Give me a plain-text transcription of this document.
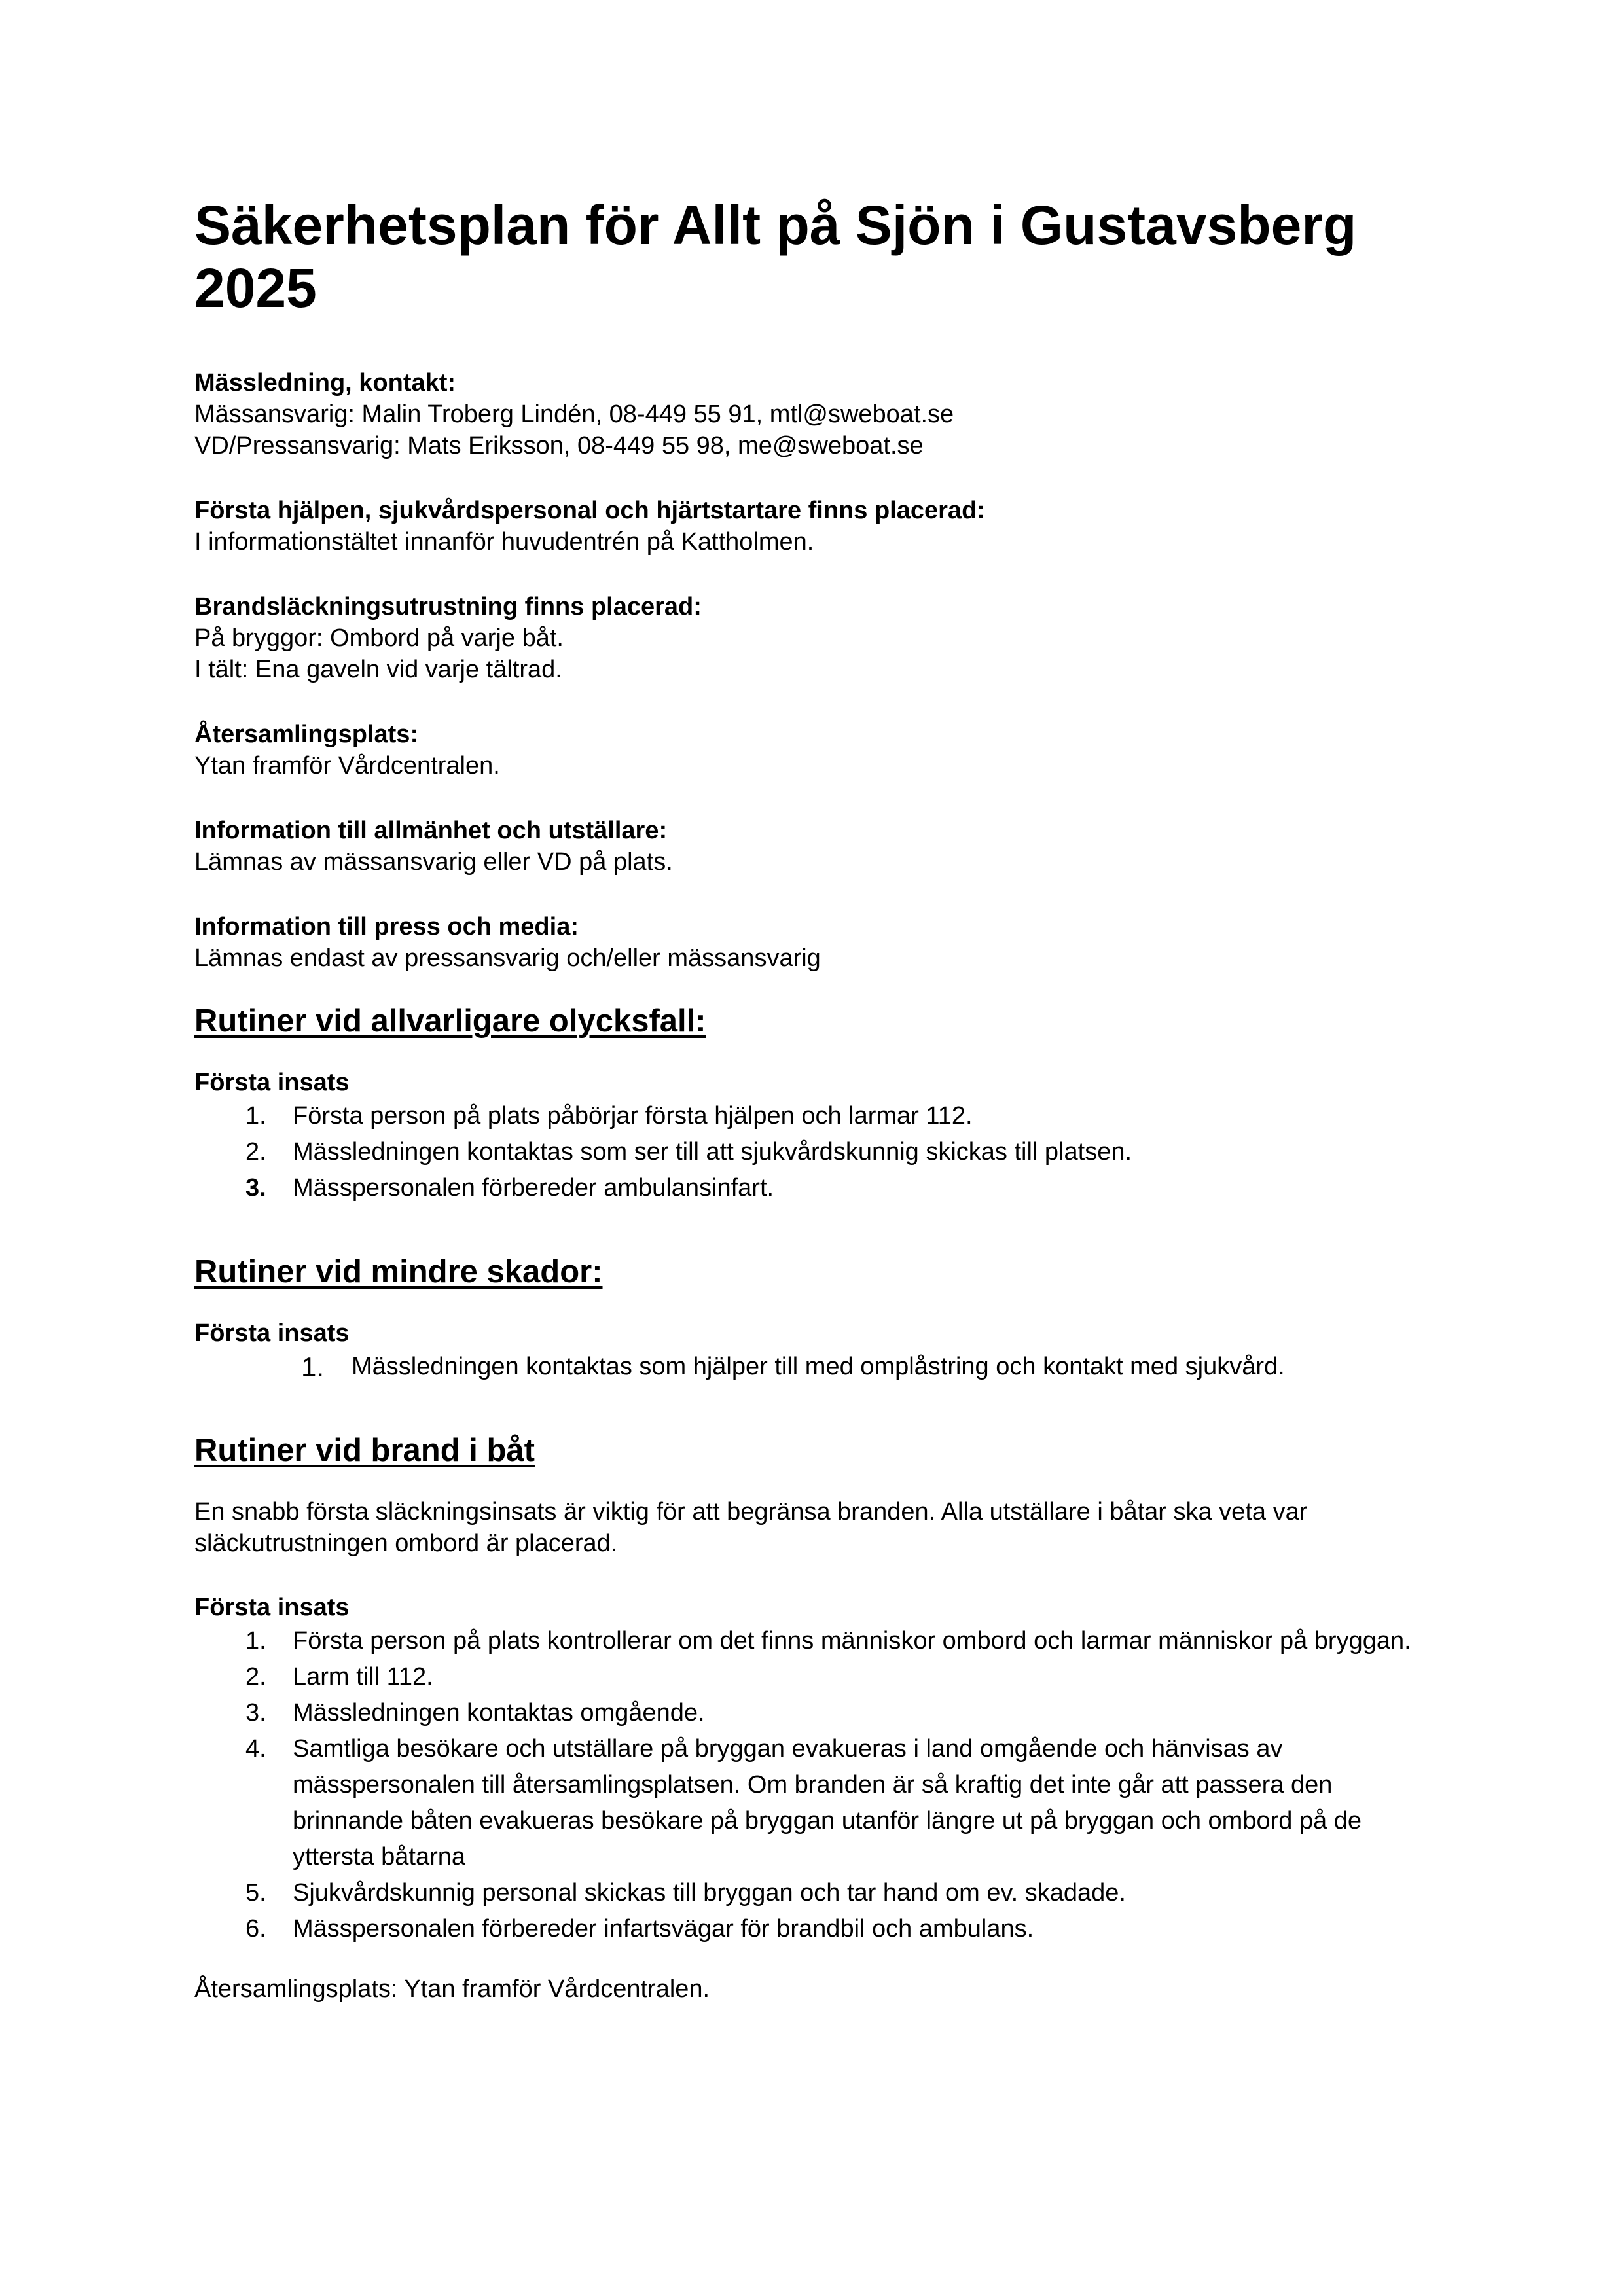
Säkerhetsplan för Allt på Sjön i Gustavsberg 2025

Mässledning, kontakt:

Mässansvarig: Malin Troberg Lindén, 08-449 55 91, mtl@sweboat.se

VD/Pressansvarig: Mats Eriksson, 08-449 55 98, me@sweboat.se

Första hjälpen, sjukvårdspersonal och hjärtstartare finns placerad:

I informationstältet innanför huvudentrén på Kattholmen.

Brandsläckningsutrustning finns placerad:

På bryggor: Ombord på varje båt.

I tält: Ena gaveln vid varje tältrad.

Återsamlingsplats:

Ytan framför Vårdcentralen.

Information till allmänhet och utställare:

Lämnas av mässansvarig eller VD på plats.

Information till press och media:

Lämnas endast av pressansvarig och/eller mässansvarig

Rutiner vid allvarligare olycksfall:

Första insats

1. Första person på plats påbörjar första hjälpen och larmar 112.
2. Mässledningen kontaktas som ser till att sjukvårdskunnig skickas till platsen.
3. Mässpersonalen förbereder ambulansinfart.
Rutiner vid mindre skador:

Första insats

1. Mässledningen kontaktas som hjälper till med omplåstring och kontakt med sjukvård.
Rutiner vid brand i båt

En snabb första släckningsinsats är viktig för att begränsa branden. Alla utställare i båtar ska veta var släckutrustningen ombord är placerad.

Första insats

1. Första person på plats kontrollerar om det finns människor ombord och larmar människor på bryggan.
2. Larm till 112.
3. Mässledningen kontaktas omgående.
4. Samtliga besökare och utställare på bryggan evakueras i land omgående och hänvisas av mässpersonalen till återsamlingsplatsen. Om branden är så kraftig det inte går att passera den brinnande båten evakueras besökare på bryggan utanför längre ut på bryggan och ombord på de yttersta båtarna
5. Sjukvårdskunnig personal skickas till bryggan och tar hand om ev. skadade.
6. Mässpersonalen förbereder infartsvägar för brandbil och ambulans.

Återsamlingsplats: Ytan framför Vårdcentralen.
